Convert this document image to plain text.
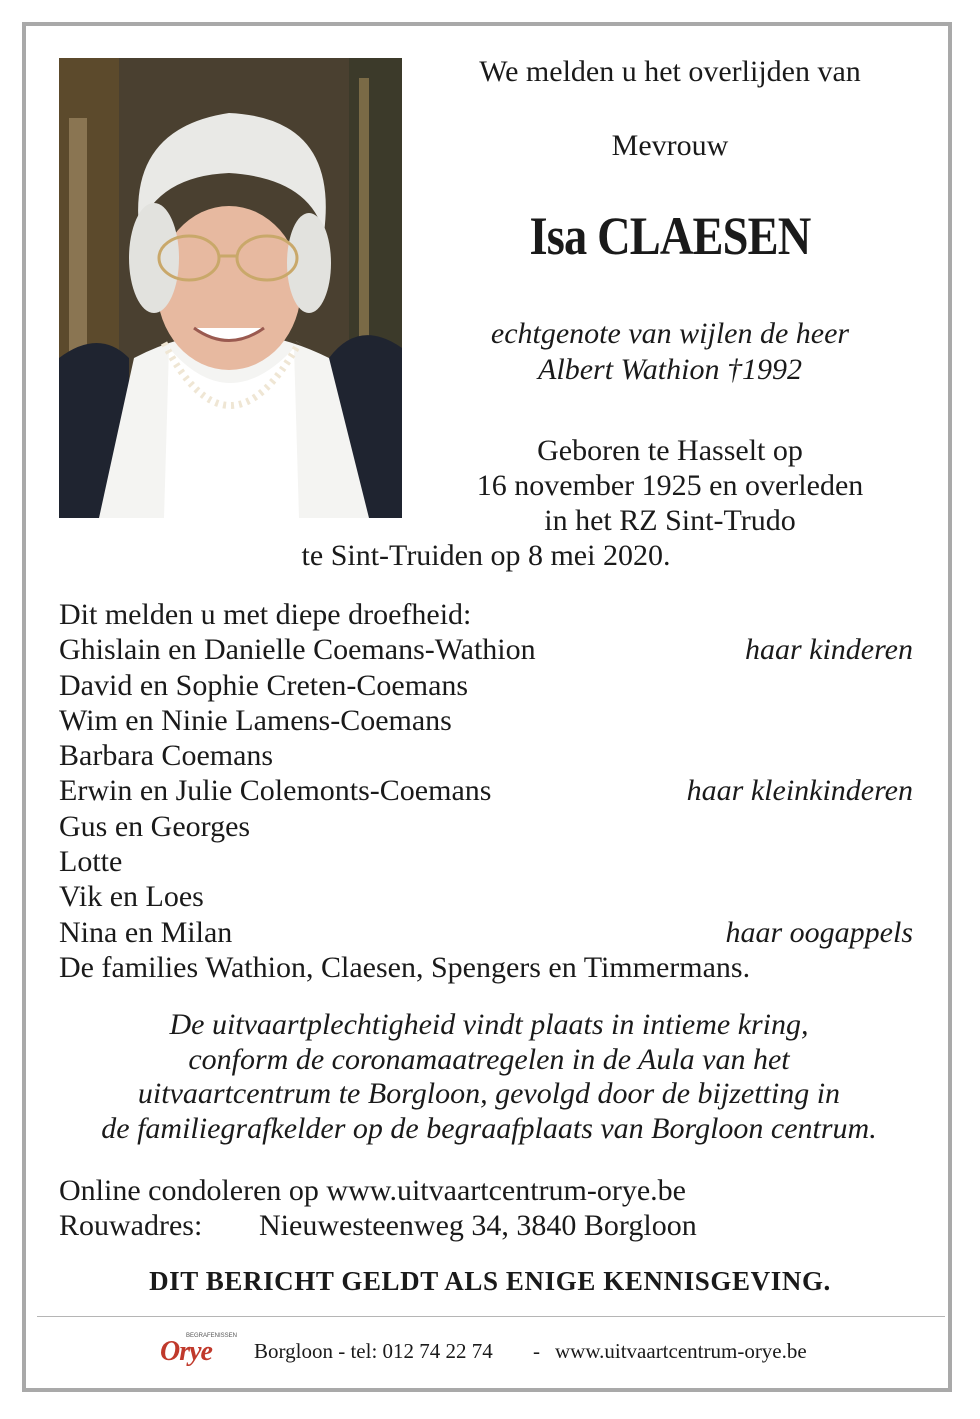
We melden u het overlijden van
Mevrouw
Isa CLAESEN
echtgenote van wijlen de heer
Albert Wathion †1992
Geboren te Hasselt op
16 november 1925 en overleden
in het RZ Sint-Trudo
te Sint-Truiden op 8 mei 2020.
Dit melden u met diepe droefheid:
Ghislain en Danielle Coemans-Wathion	haar kinderen
David en Sophie Creten-Coemans
Wim en Ninie Lamens-Coemans
Barbara Coemans
Erwin en Julie Colemonts-Coemans	haar kleinkinderen
Gus en Georges
Lotte
Vik en Loes
Nina en Milan	haar oogappels
De families Wathion, Claesen, Spengers en Timmermans.
De uitvaartplechtigheid vindt plaats in intieme kring,
conform de coronamaatregelen in de Aula van het
uitvaartcentrum te Borgloon, gevolgd door de bijzetting in
de familiegrafkelder op de begraafplaats van Borgloon centrum.
Online condoleren op www.uitvaartcentrum-orye.be
Rouwadres: Nieuwesteenweg 34, 3840 Borgloon
DIT BERICHT GELDT ALS ENIGE KENNISGEVING.
BEGRAFENISSEN
Orye Borgloon - tel: 012 74 22 74 - www.uitvaartcentrum-orye.be
